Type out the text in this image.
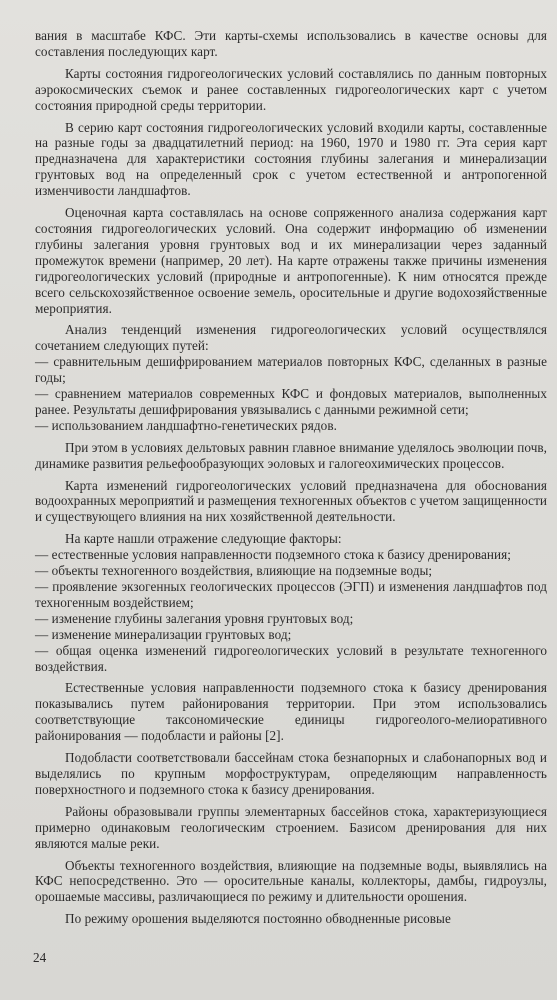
вания в масштабе КФС. Эти карты-схемы использовались в качестве основы для составления последующих карт.

Карты состояния гидрогеологических условий составлялись по данным повторных аэрокосмических съемок и ранее составленных гидрогеологических карт с учетом состояния природной среды территории.

В серию карт состояния гидрогеологических условий входили карты, составленные на разные годы за двадцатилетний период: на 1960, 1970 и 1980 гг. Эта серия карт предназначена для характеристики состояния глубины залегания и минерализации грунтовых вод на определенный срок с учетом естественной и антропогенной изменчивости ландшафтов.

Оценочная карта составлялась на основе сопряженного анализа содержания карт состояния гидрогеологических условий. Она содержит информацию об изменении глубины залегания уровня грунтовых вод и их минерализации через заданный промежуток времени (например, 20 лет). На карте отражены также причины изменения гидрогеологических условий (природные и антропогенные). К ним относятся прежде всего сельскохозяйственное освоение земель, оросительные и другие водохозяйственные мероприятия.

Анализ тенденций изменения гидрогеологических условий осуществлялся сочетанием следующих путей:

— сравнительным дешифрированием материалов повторных КФС, сделанных в разные годы;

— сравнением материалов современных КФС и фондовых материалов, выполненных ранее. Результаты дешифрирования увязывались с данными режимной сети;

— использованием ландшафтно-генетических рядов.

При этом в условиях дельтовых равнин главное внимание уделялось эволюции почв, динамике развития рельефообразующих эоловых и галогеохимических процессов.

Карта изменений гидрогеологических условий предназначена для обоснования водоохранных мероприятий и размещения техногенных объектов с учетом защищенности и существующего влияния на них хозяйственной деятельности.

На карте нашли отражение следующие факторы:

— естественные условия направленности подземного стока к базису дренирования;

— объекты техногенного воздействия, влияющие на подземные воды;

— проявление экзогенных геологических процессов (ЭГП) и изменения ландшафтов под техногенным воздействием;

— изменение глубины залегания уровня грунтовых вод;

— изменение минерализации грунтовых вод;

— общая оценка изменений гидрогеологических условий в результате техногенного воздействия.

Естественные условия направленности подземного стока к базису дренирования показывались путем районирования территории. При этом использовались соответствующие таксономические единицы гидрогеолого-мелиоративного районирования — подобласти и районы [2].

Подобласти соответствовали бассейнам стока безнапорных и слабонапорных вод и выделялись по крупным морфоструктурам, определяющим направленность поверхностного и подземного стока к базису дренирования.

Районы образовывали группы элементарных бассейнов стока, характеризующиеся примерно одинаковым геологическим строением. Базисом дренирования для них являются малые реки.

Объекты техногенного воздействия, влияющие на подземные воды, выявлялись на КФС непосредственно. Это — оросительные каналы, коллекторы, дамбы, гидроузлы, орошаемые массивы, различающиеся по режиму и длительности орошения.

По режиму орошения выделяются постоянно обводненные рисовые

24
